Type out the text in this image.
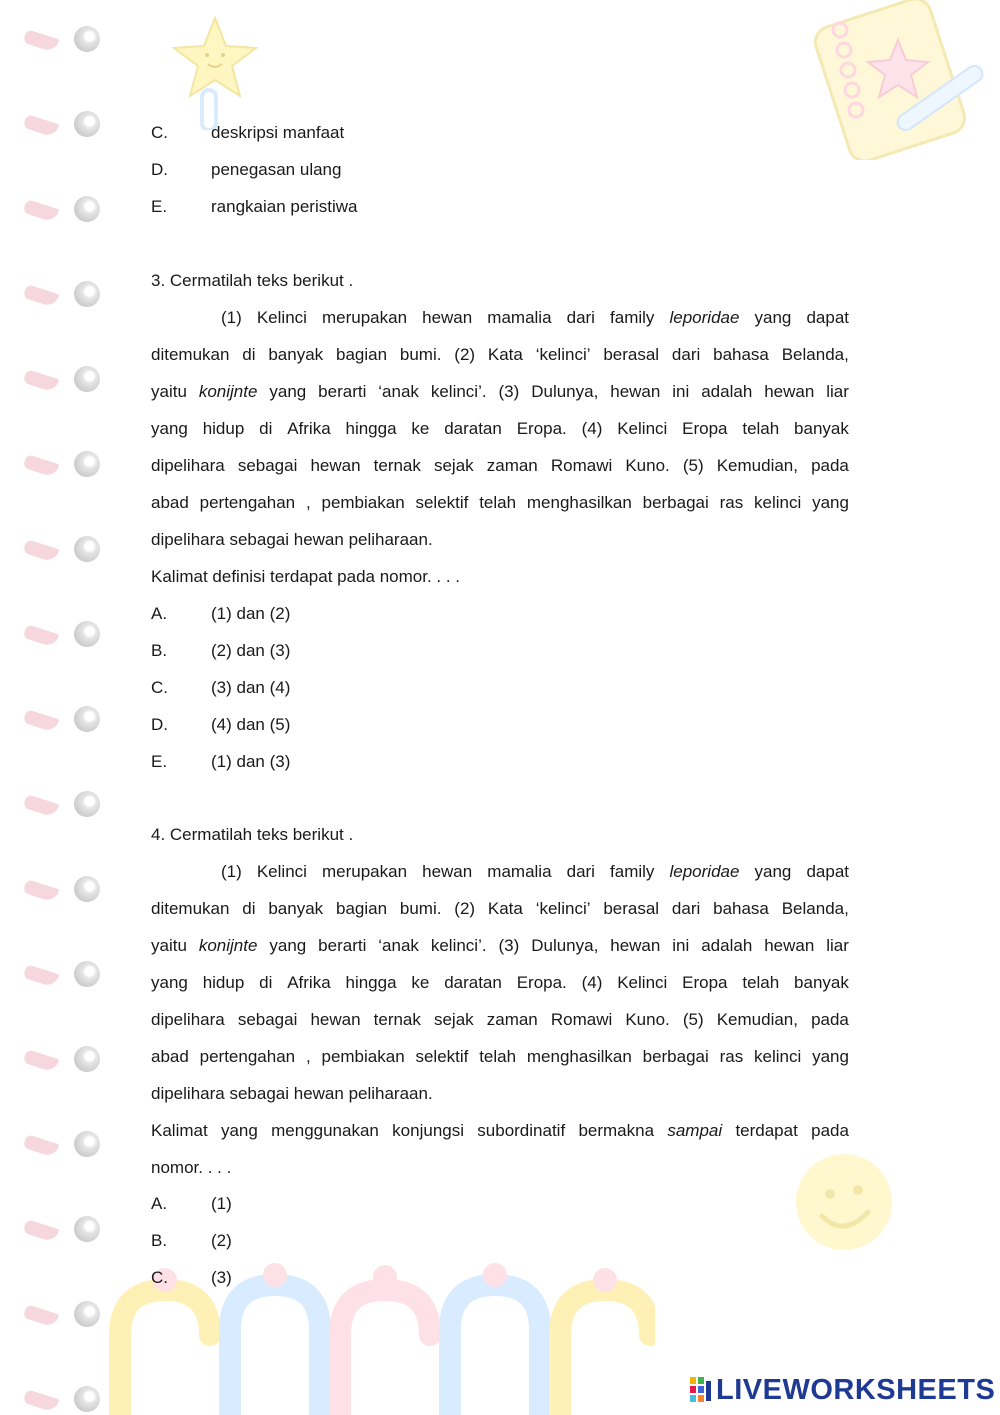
C.	deskripsi manfaat
D.	penegasan ulang
E.	rangkaian peristiwa
3. Cermatilah teks berikut .
(1) Kelinci merupakan hewan mamalia dari family leporidae yang dapat
ditemukan di banyak bagian bumi. (2) Kata ‘kelinci’ berasal dari bahasa Belanda,
yaitu konijnte yang berarti ‘anak kelinci’. (3) Dulunya, hewan ini adalah hewan liar
yang hidup di Afrika hingga ke daratan Eropa. (4) Kelinci Eropa telah banyak
dipelihara sebagai hewan ternak sejak zaman Romawi Kuno. (5) Kemudian, pada
abad pertengahan , pembiakan selektif telah menghasilkan berbagai ras kelinci yang
dipelihara sebagai hewan peliharaan.
Kalimat definisi terdapat pada nomor. . . .
A.	(1) dan (2)
B.	(2) dan (3)
C.	(3) dan (4)
D.	(4) dan (5)
E.	(1) dan (3)
4. Cermatilah teks berikut .
(1) Kelinci merupakan hewan mamalia dari family leporidae yang dapat
ditemukan di banyak bagian bumi. (2) Kata ‘kelinci’ berasal dari bahasa Belanda,
yaitu konijnte yang berarti ‘anak kelinci’. (3) Dulunya, hewan ini adalah hewan liar
yang hidup di Afrika hingga ke daratan Eropa. (4) Kelinci Eropa telah banyak
dipelihara sebagai hewan ternak sejak zaman Romawi Kuno. (5) Kemudian, pada
abad pertengahan , pembiakan selektif telah menghasilkan berbagai ras kelinci yang
dipelihara sebagai hewan peliharaan.
Kalimat yang menggunakan konjungsi subordinatif bermakna sampai terdapat pada
nomor. . . .
A.	(1)
B.	(2)
C.	(3)
LIVEWORKSHEETS
